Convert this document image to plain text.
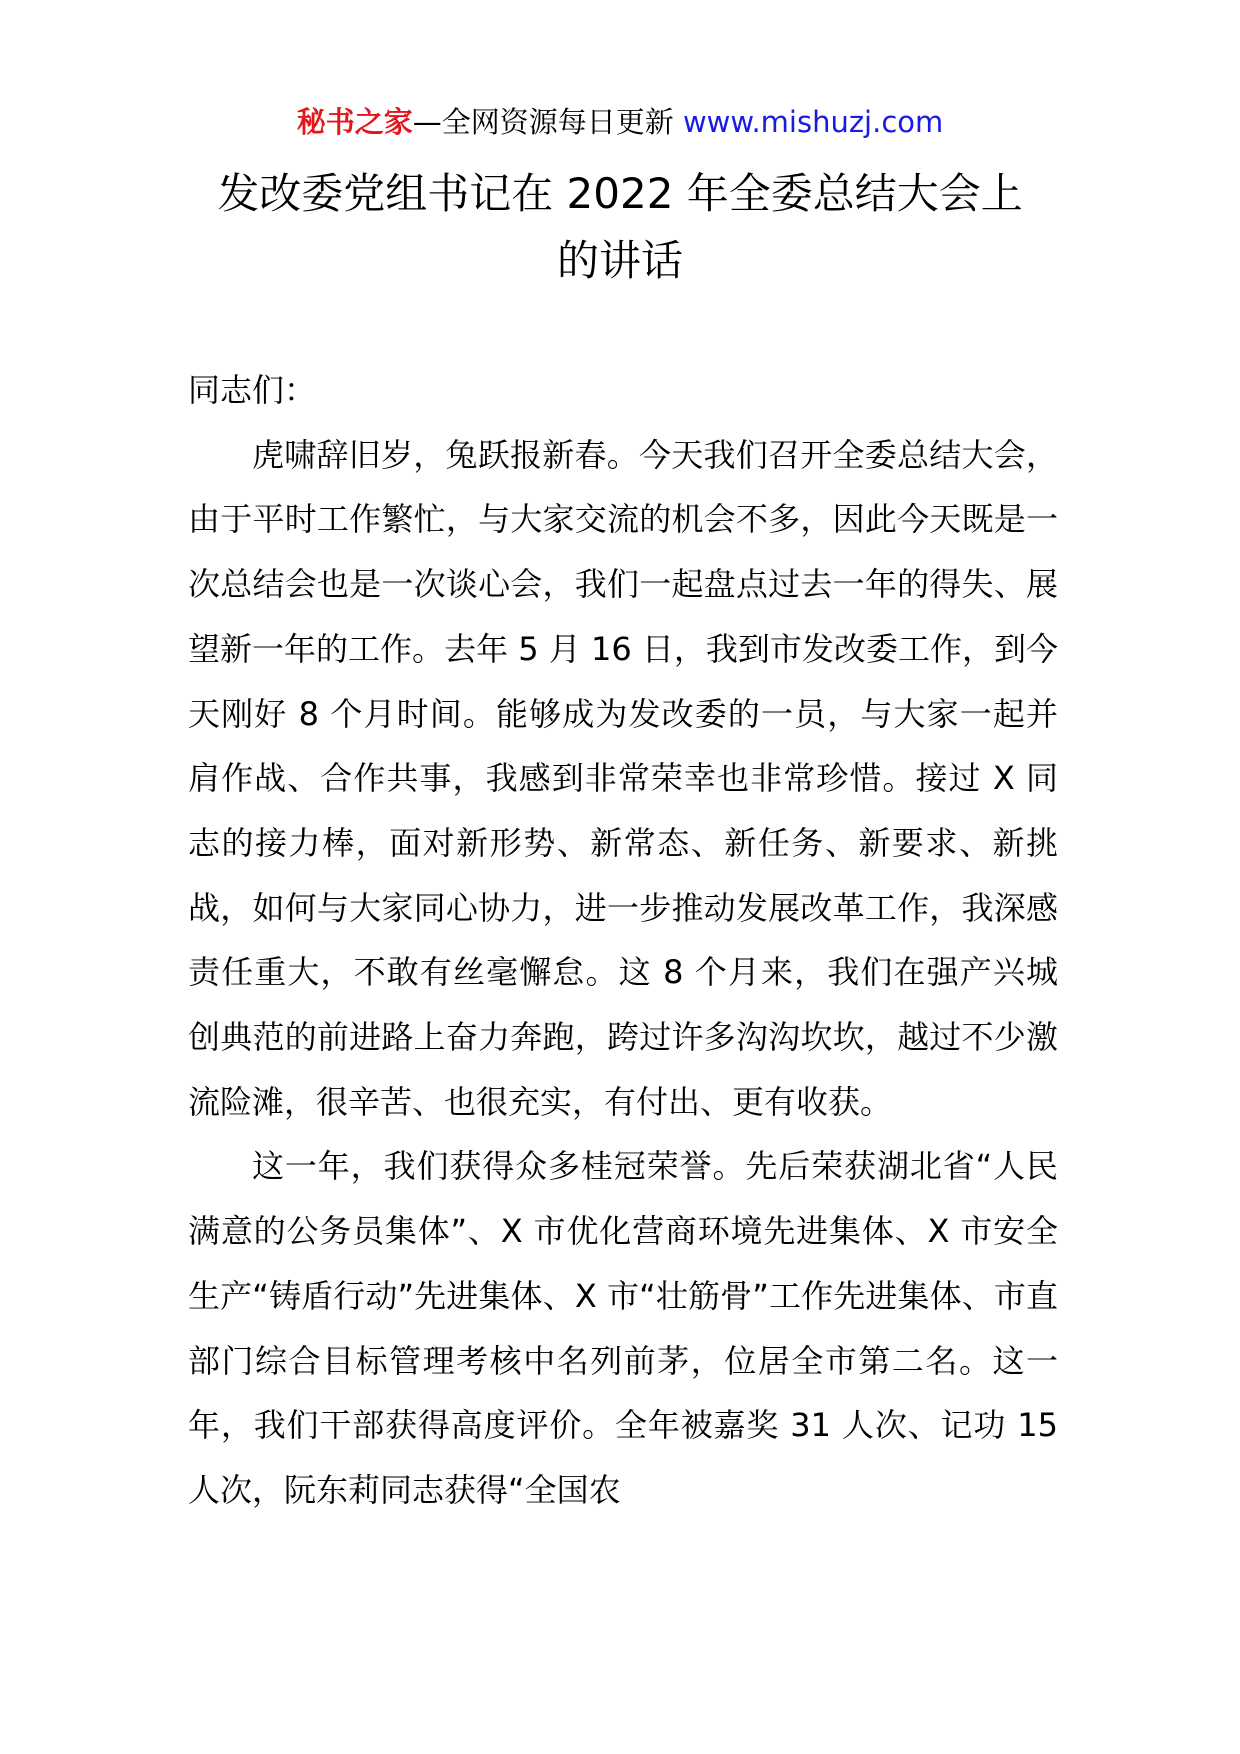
秘书之家—全网资源每日更新 www.mishuzj.com
发改委党组书记在 2022 年全委总结大会上
的讲话

同志们：

虎啸辞旧岁，兔跃报新春。今天我们召开全委总结大会，由于平时工作繁忙，与大家交流的机会不多，因此今天既是一次总结会也是一次谈心会，我们一起盘点过去一年的得失、展望新一年的工作。去年 5 月 16 日，我到市发改委工作，到今天刚好 8 个月时间。能够成为发改委的一员，与大家一起并肩作战、合作共事，我感到非常荣幸也非常珍惜。接过 X 同志的接力棒，面对新形势、新常态、新任务、新要求、新挑战，如何与大家同心协力，进一步推动发展改革工作，我深感责任重大，不敢有丝毫懈怠。这 8 个月来，我们在强产兴城创典范的前进路上奋力奔跑，跨过许多沟沟坎坎，越过不少激流险滩，很辛苦、也很充实，有付出、更有收获。

这一年，我们获得众多桂冠荣誉。先后荣获湖北省“人民满意的公务员集体”、X 市优化营商环境先进集体、X 市安全生产“铸盾行动”先进集体、X 市“壮筋骨”工作先进集体、市直部门综合目标管理考核中名列前茅，位居全市第二名。这一年，我们干部获得高度评价。全年被嘉奖 31 人次、记功 15 人次，阮东莉同志获得“全国农
